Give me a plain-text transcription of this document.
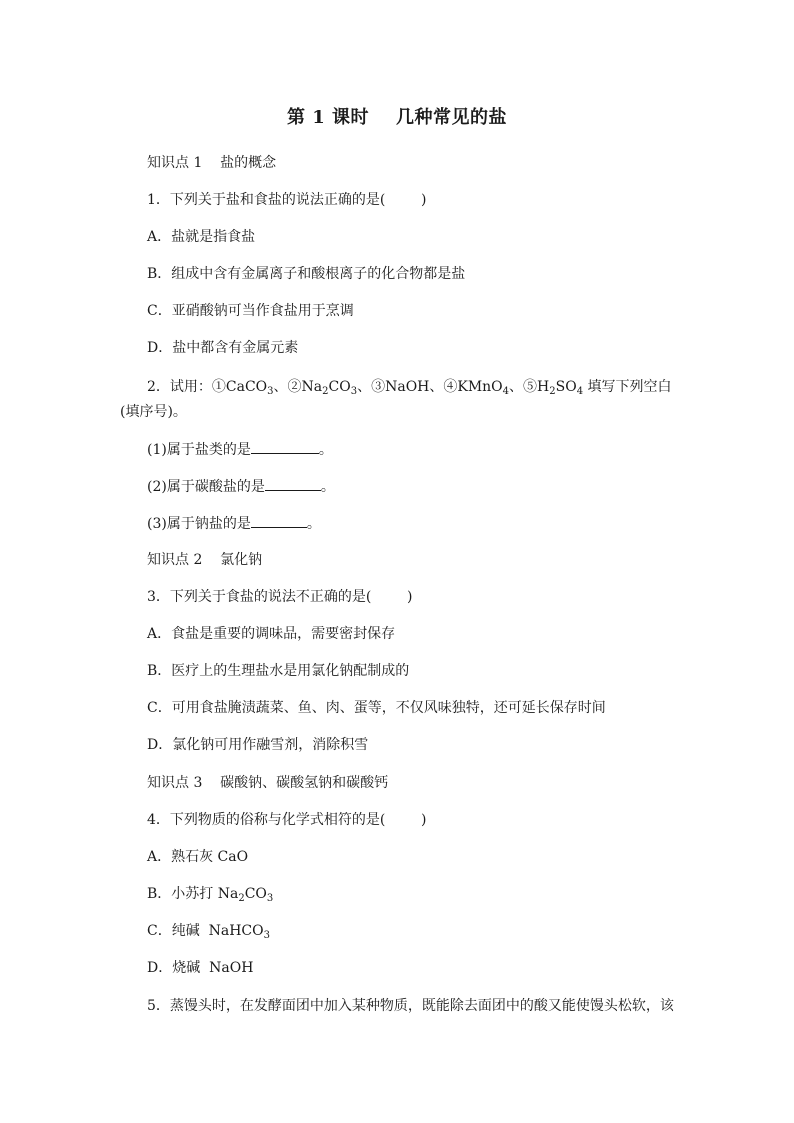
第 1 课时    几种常见的盐
知识点 1    盐的概念
1．下列关于盐和食盐的说法正确的是(        )
A．盐就是指食盐
B．组成中含有金属离子和酸根离子的化合物都是盐
C．亚硝酸钠可当作食盐用于烹调
D．盐中都含有金属元素
2．试用：①CaCO$_3$、$②Na_2CO_3$、③NaOH、④KMnO$_4$、$⑤H_2SO_4$ 填写下列空白(填序号)。
(1)属于盐类的是	。
(2)属于碳酸盐的是	。
(3)属于钠盐的是	。
知识点 2    氯化钠
3．下列关于食盐的说法不正确的是(        )
A．食盐是重要的调味品，需要密封保存
B．医疗上的生理盐水是用氯化钠配制成的
C．可用食盐腌渍蔬菜、鱼、肉、蛋等，不仅风味独特，还可延长保存时间
D．氯化钠可用作融雪剂，消除积雪
知识点 3    碳酸钠、碳酸氢钠和碳酸钙
4．下列物质的俗称与化学式相符的是(        )
A．熟石灰 CaO
B．小苏打 $Na_2CO_3$
C．纯碱  NaHCO$_3$
D．烧碱  NaOH
5．蒸馒头时，在发酵面团中加入某种物质，既能除去面团中的酸又能使馒头松软，该
